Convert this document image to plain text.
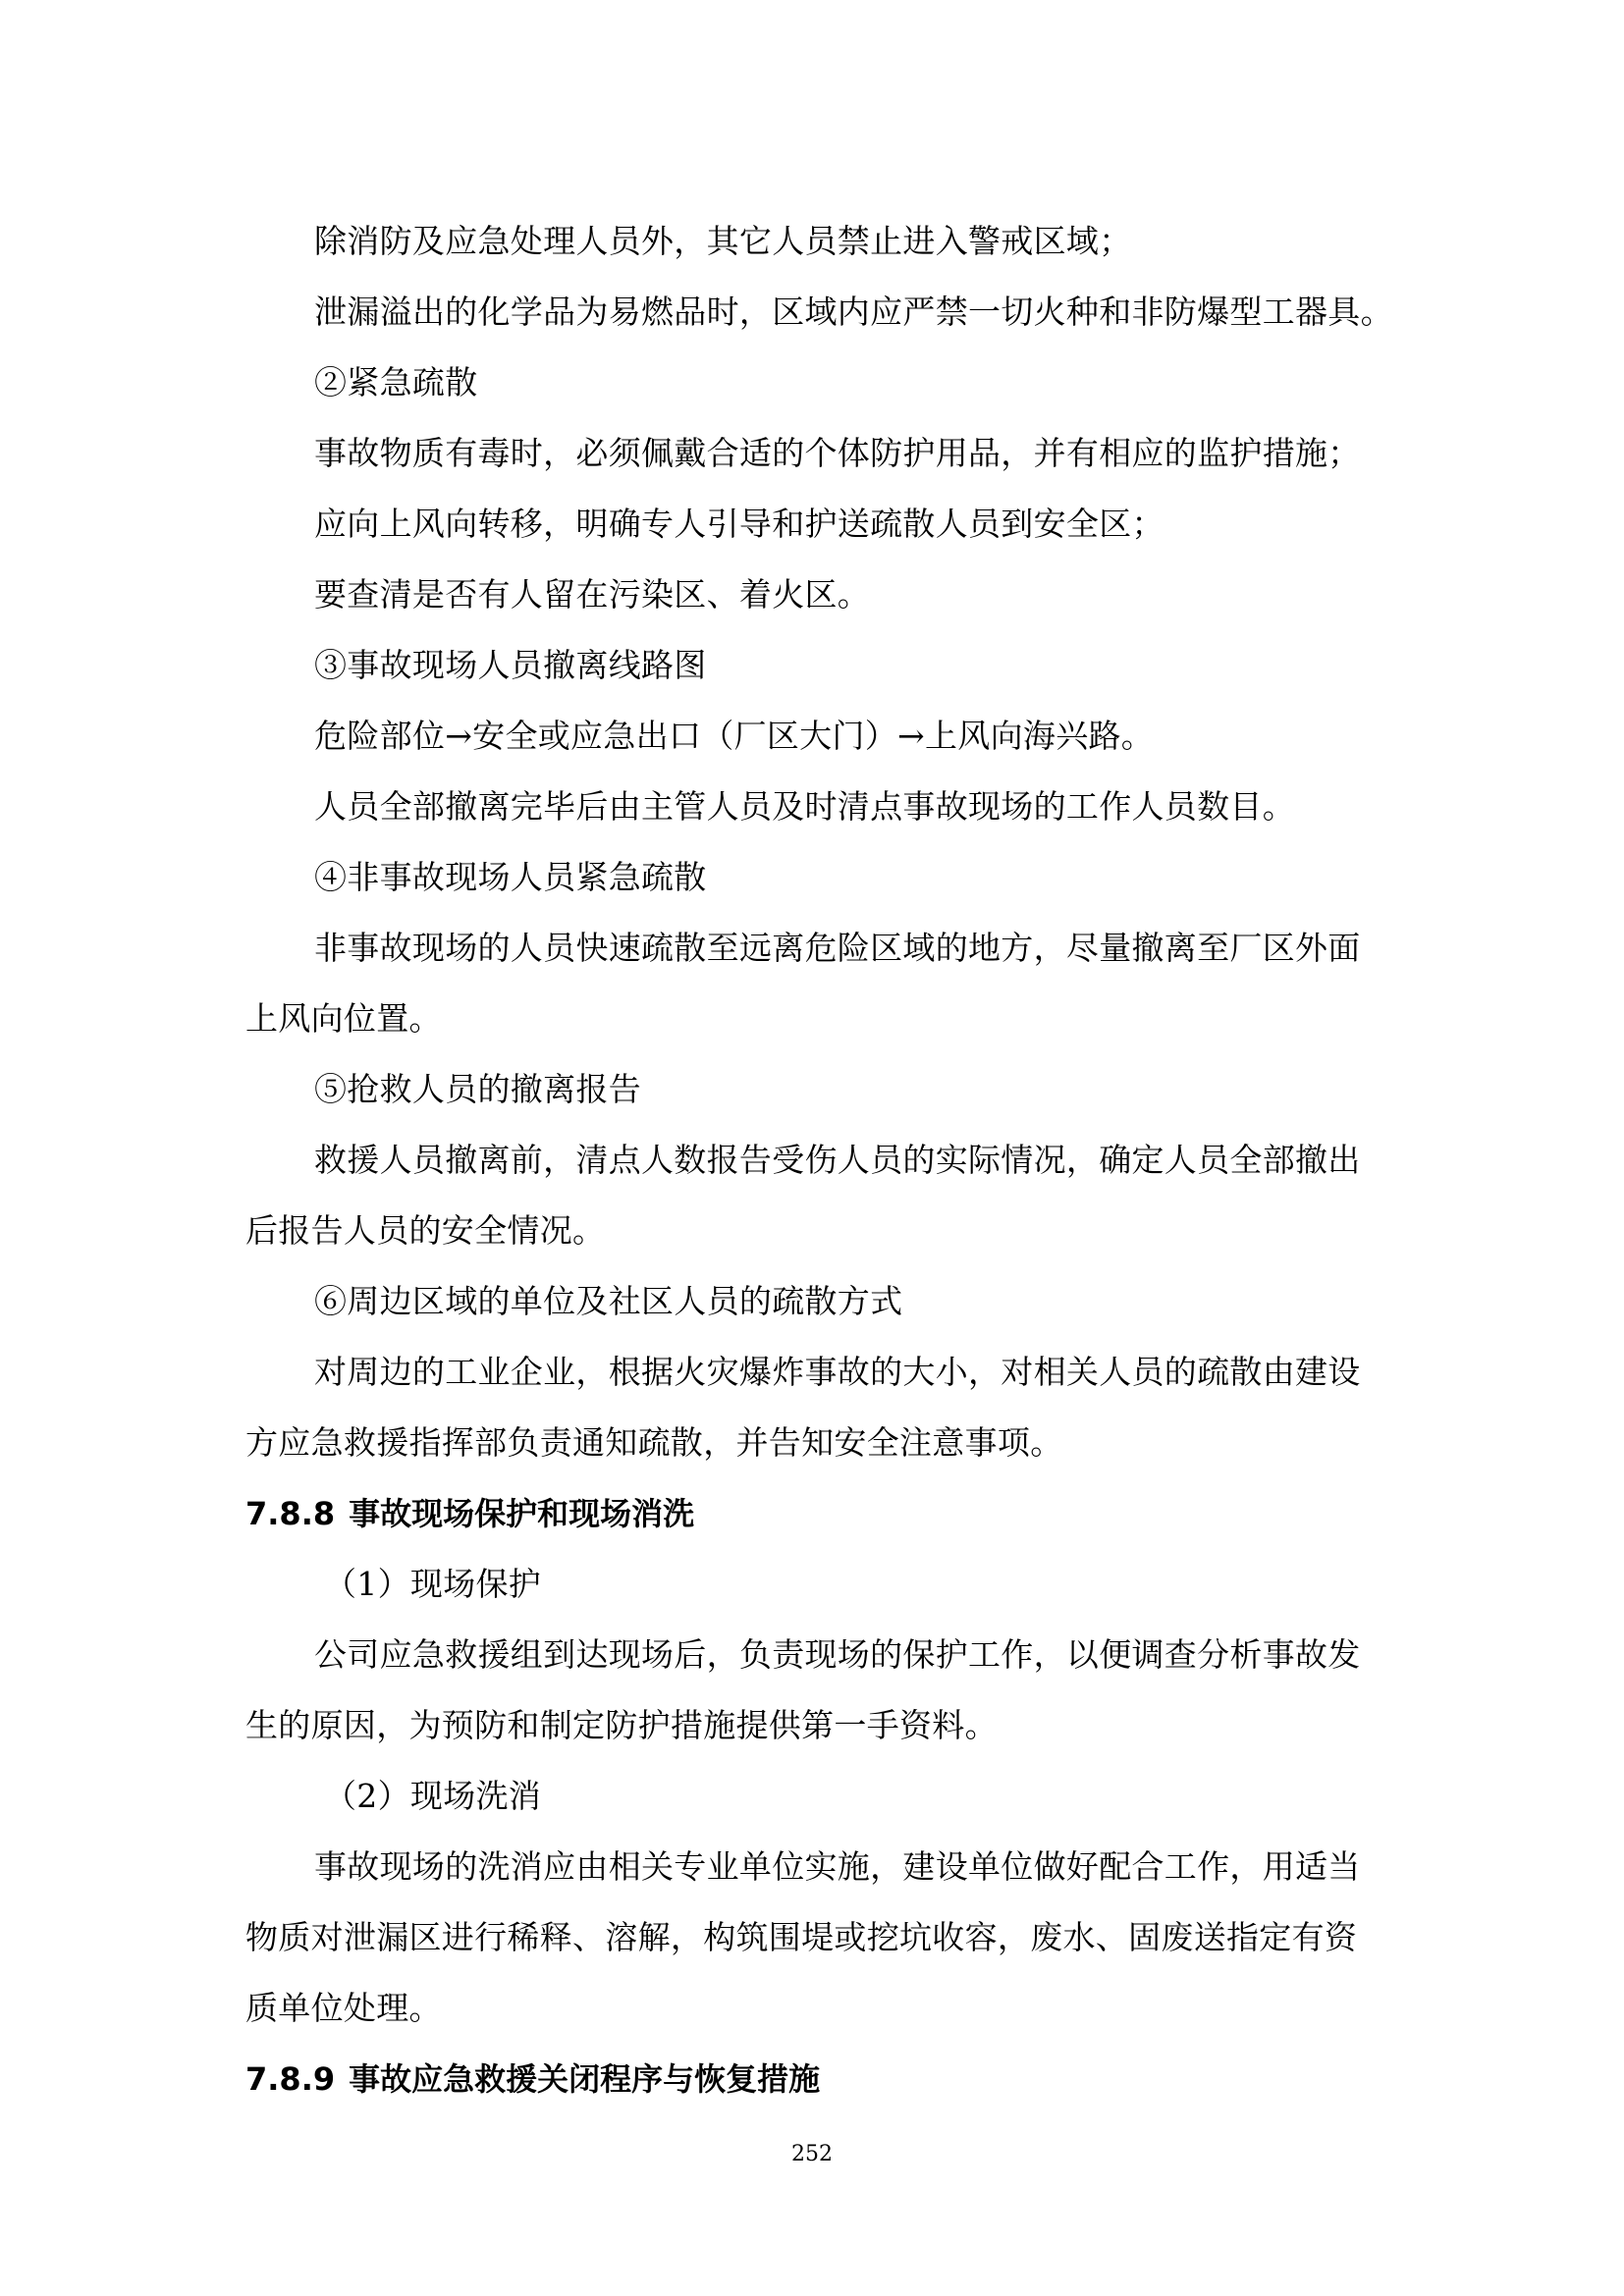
除消防及应急处理人员外，其它人员禁止进入警戒区域；

泄漏溢出的化学品为易燃品时，区域内应严禁一切火种和非防爆型工器具。

②紧急疏散

事故物质有毒时，必须佩戴合适的个体防护用品，并有相应的监护措施；

应向上风向转移，明确专人引导和护送疏散人员到安全区；

要查清是否有人留在污染区、着火区。

③事故现场人员撤离线路图

危险部位→安全或应急出口（厂区大门）→上风向海兴路。

人员全部撤离完毕后由主管人员及时清点事故现场的工作人员数目。

④非事故现场人员紧急疏散

非事故现场的人员快速疏散至远离危险区域的地方，尽量撤离至厂区外面

上风向位置。

⑤抢救人员的撤离报告

救援人员撤离前，清点人数报告受伤人员的实际情况，确定人员全部撤出

后报告人员的安全情况。

⑥周边区域的单位及社区人员的疏散方式

对周边的工业企业，根据火灾爆炸事故的大小，对相关人员的疏散由建设

方应急救援指挥部负责通知疏散，并告知安全注意事项。

7.8.8 事故现场保护和现场消洗

（1）现场保护

公司应急救援组到达现场后，负责现场的保护工作，以便调查分析事故发

生的原因，为预防和制定防护措施提供第一手资料。

（2）现场洗消

事故现场的洗消应由相关专业单位实施，建设单位做好配合工作，用适当

物质对泄漏区进行稀释、溶解，构筑围堤或挖坑收容，废水、固废送指定有资

质单位处理。

7.8.9 事故应急救援关闭程序与恢复措施
252
